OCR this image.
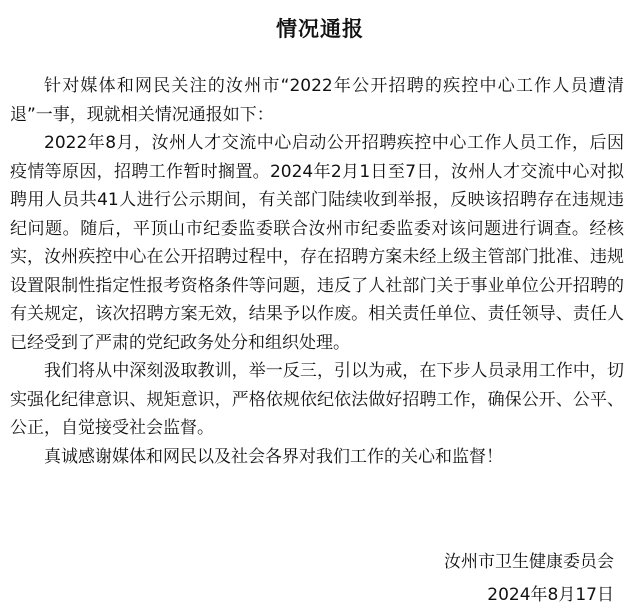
情况通报

针对媒体和网民关注的汝州市“2022年公开招聘的疾控中心工作人员遭清退”一事，现就相关情况通报如下：

2022年8月，汝州人才交流中心启动公开招聘疾控中心工作人员工作，后因疫情等原因，招聘工作暂时搁置。2024年2月1日至7日，汝州人才交流中心对拟聘用人员共41人进行公示期间，有关部门陆续收到举报，反映该招聘存在违规违纪问题。随后，平顶山市纪委监委联合汝州市纪委监委对该问题进行调查。经核实，汝州疾控中心在公开招聘过程中，存在招聘方案未经上级主管部门批准、违规设置限制性指定性报考资格条件等问题，违反了人社部门关于事业单位公开招聘的有关规定，该次招聘方案无效，结果予以作废。相关责任单位、责任领导、责任人已经受到了严肃的党纪政务处分和组织处理。

我们将从中深刻汲取教训，举一反三，引以为戒，在下步人员录用工作中，切实强化纪律意识、规矩意识，严格依规依纪依法做好招聘工作，确保公开、公平、公正，自觉接受社会监督。

真诚感谢媒体和网民以及社会各界对我们工作的关心和监督！

汝州市卫生健康委员会
2024年8月17日
